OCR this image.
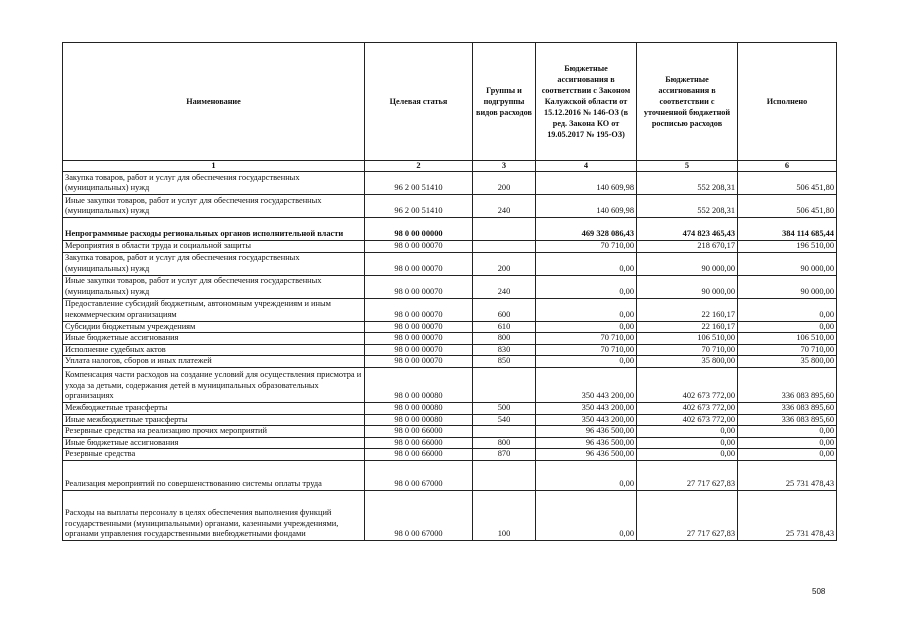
Наименование	Целевая статья	Группы и подгруппы видов расходов	Бюджетные ассигнования в соответствии с Законом Калужской области от 15.12.2016 № 146-ОЗ (в ред. Закона КО от 19.05.2017 № 195-ОЗ)	Бюджетные ассигнования в соответствии с уточненной бюджетной росписью расходов	Исполнено
1	2	3	4	5	6
Закупка товаров, работ и услуг для обеспечения государственных (муниципальных) нужд	96 2 00 51410	200	140 609,98	552 208,31	506 451,80
Иные закупки товаров, работ и услуг для обеспечения государственных (муниципальных) нужд	96 2 00 51410	240	140 609,98	552 208,31	506 451,80
Непрограммные расходы региональных органов исполнительной власти	98 0 00 00000		469 328 086,43	474 823 465,43	384 114 685,44
Мероприятия в области труда и социальной защиты	98 0 00 00070		70 710,00	218 670,17	196 510,00
Закупка товаров, работ и услуг для обеспечения государственных (муниципальных) нужд	98 0 00 00070	200	0,00	90 000,00	90 000,00
Иные закупки товаров, работ и услуг для обеспечения государственных (муниципальных) нужд	98 0 00 00070	240	0,00	90 000,00	90 000,00
Предоставление субсидий бюджетным, автономным учреждениям и иным некоммерческим организациям	98 0 00 00070	600	0,00	22 160,17	0,00
Субсидии бюджетным учреждениям	98 0 00 00070	610	0,00	22 160,17	0,00
Иные бюджетные ассигнования	98 0 00 00070	800	70 710,00	106 510,00	106 510,00
Исполнение судебных актов	98 0 00 00070	830	70 710,00	70 710,00	70 710,00
Уплата налогов, сборов и иных платежей	98 0 00 00070	850	0,00	35 800,00	35 800,00
Компенсация части расходов на создание условий для осуществления присмотра и ухода за детьми, содержания детей в муниципальных образовательных организациях	98 0 00 00080		350 443 200,00	402 673 772,00	336 083 895,60
Межбюджетные трансферты	98 0 00 00080	500	350 443 200,00	402 673 772,00	336 083 895,60
Иные межбюджетные трансферты	98 0 00 00080	540	350 443 200,00	402 673 772,00	336 083 895,60
Резервные средства на реализацию прочих мероприятий	98 0 00 66000		96 436 500,00	0,00	0,00
Иные бюджетные ассигнования	98 0 00 66000	800	96 436 500,00	0,00	0,00
Резервные средства	98 0 00 66000	870	96 436 500,00	0,00	0,00
Реализация мероприятий по совершенствованию системы оплаты труда	98 0 00 67000		0,00	27 717 627,83	25 731 478,43
Расходы на выплаты персоналу в целях обеспечения выполнения функций государственными (муниципальными) органами, казенными учреждениями, органами управления государственными внебюджетными фондами	98 0 00 67000	100	0,00	27 717 627,83	25 731 478,43
508
